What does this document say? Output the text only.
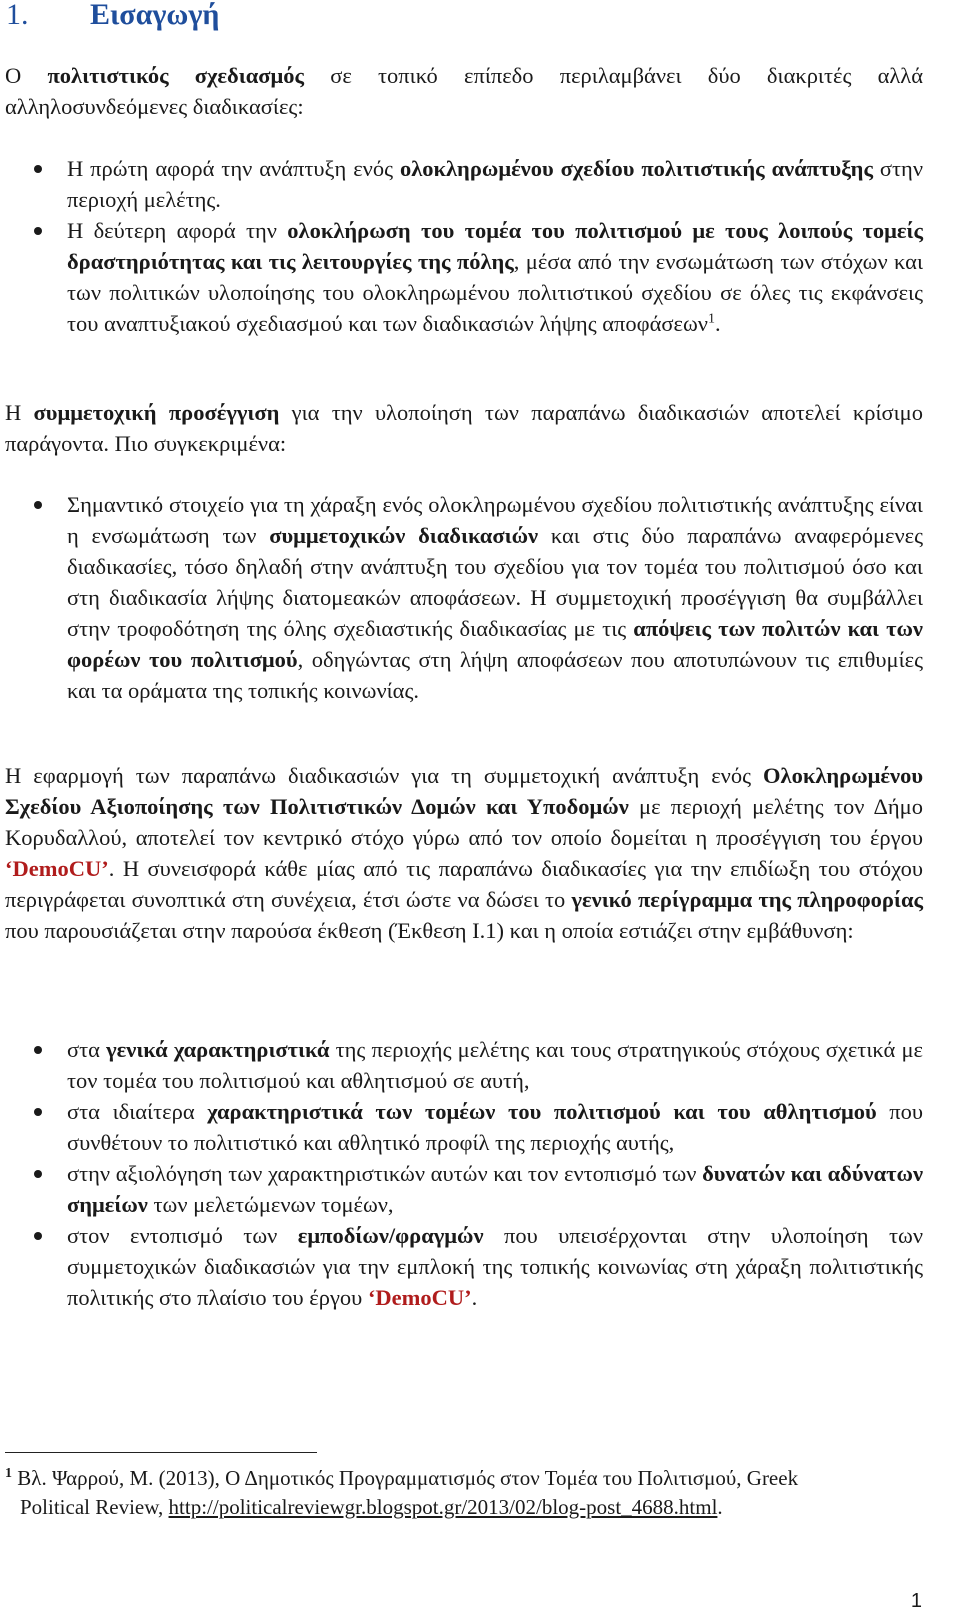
1. Εισαγωγή

Ο πολιτιστικός σχεδιασμός σε τοπικό επίπεδο περιλαμβάνει δύο διακριτές αλλά αλληλοσυνδεόμενες διαδικασίες:

Η πρώτη αφορά την ανάπτυξη ενός ολοκληρωμένου σχεδίου πολιτιστικής ανάπτυξης στην περιοχή μελέτης.
Η δεύτερη αφορά την ολοκλήρωση του τομέα του πολιτισμού με τους λοιπούς τομείς δραστηριότητας και τις λειτουργίες της πόλης, μέσα από την ενσωμάτωση των στόχων και των πολιτικών υλοποίησης του ολοκληρωμένου πολιτιστικού σχεδίου σε όλες τις εκφάνσεις του αναπτυξιακού σχεδιασμού και των διαδικασιών λήψης αποφάσεων$^1$.

Η συμμετοχική προσέγγιση για την υλοποίηση των παραπάνω διαδικασιών αποτελεί κρίσιμο παράγοντα. Πιο συγκεκριμένα:

Σημαντικό στοιχείο για τη χάραξη ενός ολοκληρωμένου σχεδίου πολιτιστικής ανάπτυξης είναι η ενσωμάτωση των συμμετοχικών διαδικασιών και στις δύο παραπάνω αναφερόμενες διαδικασίες, τόσο δηλαδή στην ανάπτυξη του σχεδίου για τον τομέα του πολιτισμού όσο και στη διαδικασία λήψης διατομεακών αποφάσεων. Η συμμετοχική προσέγγιση θα συμβάλλει στην τροφοδότηση της όλης σχεδιαστικής διαδικασίας με τις απόψεις των πολιτών και των φορέων του πολιτισμού, οδηγώντας στη λήψη αποφάσεων που αποτυπώνουν τις επιθυμίες και τα οράματα της τοπικής κοινωνίας.

Η εφαρμογή των παραπάνω διαδικασιών για τη συμμετοχική ανάπτυξη ενός Ολοκληρωμένου Σχεδίου Αξιοποίησης των Πολιτιστικών Δομών και Υποδομών με περιοχή μελέτης τον Δήμο Κορυδαλλού, αποτελεί τον κεντρικό στόχο γύρω από τον οποίο δομείται η προσέγγιση του έργου ‘DemoCU’. Η συνεισφορά κάθε μίας από τις παραπάνω διαδικασίες για την επιδίωξη του στόχου περιγράφεται συνοπτικά στη συνέχεια, έτσι ώστε να δώσει το γενικό περίγραμμα της πληροφορίας που παρουσιάζεται στην παρούσα έκθεση (Έκθεση Ι.1) και η οποία εστιάζει στην εμβάθυνση:

στα γενικά χαρακτηριστικά της περιοχής μελέτης και τους στρατηγικούς στόχους σχετικά με τον τομέα του πολιτισμού και αθλητισμού σε αυτή,
στα ιδιαίτερα χαρακτηριστικά των τομέων του πολιτισμού και του αθλητισμού που συνθέτουν το πολιτιστικό και αθλητικό προφίλ της περιοχής αυτής,
στην αξιολόγηση των χαρακτηριστικών αυτών και τον εντοπισμό των δυνατών και αδύνατων σημείων των μελετώμενων τομέων,
στον εντοπισμό των εμποδίων/φραγμών που υπεισέρχονται στην υλοποίηση των συμμετοχικών διαδικασιών για την εμπλοκή της τοπικής κοινωνίας στη χάραξη πολιτιστικής πολιτικής στο πλαίσιο του έργου ‘DemoCU’.

$^1$ Βλ. Ψαρρού, Μ. (2013), Ο Δημοτικός Προγραμματισμός στον Τομέα του Πολιτισμού, Greek
Political Review, http://politicalreviewgr.blogspot.gr/2013/02/blog-post_4688.html.

1
